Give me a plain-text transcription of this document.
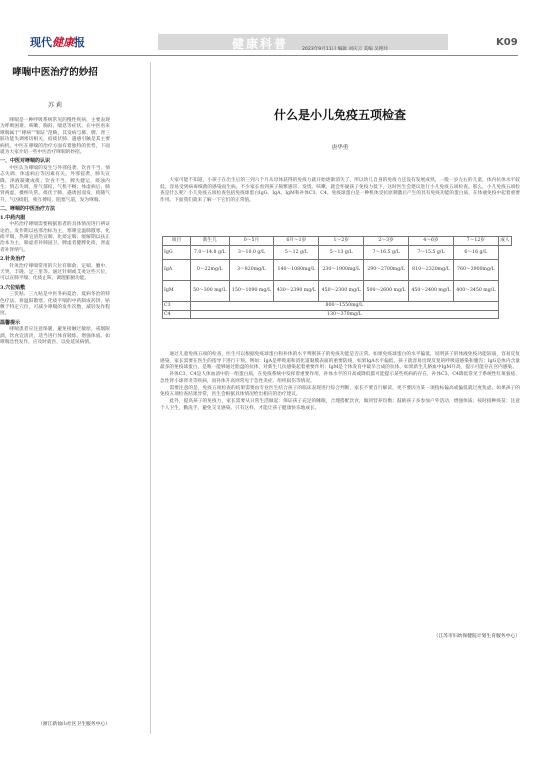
现代健康报	健康科普	2023年9月11日 编辑 刘庆云 美编 吴艳玲
K09
哮喘中医治疗的妙招
苏 莉

哮喘是一种呼吸系统常见的慢性疾病，主要表现为呼吸困难、咳嗽、胸闷、喘息等症状。在中医看来哮喘属于“哮病”“喘证”范畴，其发病与肺、脾、肾三脏功能失调密切相关，宿痰伏肺、遇感引触是其主要病机。中医在哮喘的治疗方面有着独特的优势，下面就为大家介绍一些中医治疗哮喘的妙招。

一、中医对哮喘的认识

中医认为哮喘的发生与外邪侵袭、饮食不当、情志失调、体虚病后等因素有关。外邪侵袭，肺失宣降，津液凝聚成痰；饮食不当，脾失健运，痰浊内生；情志失调，肝气郁结，气机不畅；体虚病后，肺肾两虚，摄纳失常。痰伏于肺，遇诱因而发，痰随气升，气因痰阻，相互搏结，阻塞气道，发为哮喘。

二、哮喘的中医治疗方法
1.中药内服

中药治疗哮喘需要根据患者的具体情况进行辨证论治。发作期以祛邪治标为主，寒哮宜温肺散寒、化痰平喘，热哮宜清热宣肺、化痰定喘；缓解期以扶正治本为主，肺虚者补肺固卫，脾虚者健脾化痰，肾虚者补肾纳气。

2.针灸治疗

针灸治疗哮喘常用的穴位有肺俞、定喘、膻中、天突、丰隆、足三里等。通过针刺或艾灸这些穴位，可以宣肺平喘、化痰止咳、调理脏腑功能。

3.穴位贴敷

三伏贴、三九贴是中医冬病夏治、夏病冬治的特色疗法，将温阳散寒、化痰平喘的中药制成药饼，贴敷于特定穴位，可减少哮喘的发作次数，减轻发作程度。

温馨提示

哮喘患者应注意保暖，避免接触过敏原，戒烟限酒，饮食宜清淡，适当进行体育锻炼，增强体质。如哮喘急性发作，应及时就医，以免延误病情。

（浙江新仙山社区卫生服务中心）
什么是小儿免疫五项检查
唐华勇

大家可能不知道，小孩子在出生后的三到六个月从母体获得的免疫力就开始逐渐消失了，所以幼儿自身的免疫力还没有发展成熟，一般一岁左右的儿童，体内抗体水平较低，容易受到病毒细菌的感染而生病。不少家长看到孩子频繁感冒、发烧、咳嗽，就会怀疑孩子免疫力低下，这时医生会建议进行小儿免疫五项检查。那么，小儿免疫五项检查是什么呢？小儿免疫五项检查包括免疫球蛋白IgG、IgA、IgM和补体C3、C4。免疫球蛋白是一种机体受抗原刺激后产生的具有免疫功能的蛋白质，在体液免疫中起着重要作用。下面我们就来了解一下它们的正常值。

项目	新生儿	0～5月	6月～1岁	1～2岁	2～3岁	4～6岁	7～12岁	成人
IgG	7.0～14.8 g/L	3～10.0 g/L	5～12 g/L	5～13 g/L	7～16.5 g/L	7～15.5 g/L	6～16 g/L	
IgA	0～22mg/L	3～820mg/L	140～1080mg/L	230～1900mg/L	290～2700mg/L	810～2320mg/L	760～3900mg/L	
IgM	50～300 mg/L	150～1090 mg/L	430～2390 mg/L	450～2300 mg/L	500～2600 mg/L	450～2400 mg/L	400～3450 mg/L	
C3	800～1550mg/L							
C4	130～370mg/L							

通过儿童免疫五项的检查，医生可以根据免疫球蛋白和补体的水平判断孩子的免疫功能是否正常。如果免疫球蛋白的水平偏低，说明孩子的体液免疫功能较弱，容易反复感染，家长需要在医生的指导下进行干预。例如：IgA是呼吸道和消化道黏膜表面的重要防线，如果IgA水平偏低，孩子就容易出现反复的呼吸道感染和腹泻；IgG是体内含量最多的免疫球蛋白，是唯一能够通过胎盘的抗体，对新生儿抗感染起着重要作用；IgM是个体发育中最早合成的抗体，如果新生儿脐血中IgM升高，提示可能存在宫内感染。

补体C3、C4是人体血清中的一组蛋白质，在免疫系统中发挥着重要作用，补体水平的升高或降低都可能提示某些疾病的存在，补体C3、C4降低常见于系统性红斑狼疮、急性肾小球肾炎等疾病，而补体升高则常见于急性炎症、组织损伤等情况。

需要注意的是，免疫五项检查的结果需要由专业医生结合孩子的临床表现进行综合判断，家长不要自行解读，更不要因为某一项指标偏高或偏低就过度焦虑。如果孩子的免疫五项检查结果异常，医生会根据具体情况给出相应的治疗建议。

此外，提高孩子的免疫力，家长需要从日常生活做起：保证孩子充足的睡眠，合理搭配饮食，做到营养均衡；鼓励孩子多参加户外活动，增强体质；按时接种疫苗；注意个人卫生，勤洗手，避免交叉感染。只有这样，才能让孩子健康快乐地成长。

（江苏市妇幼保健院计划生育服务中心）
